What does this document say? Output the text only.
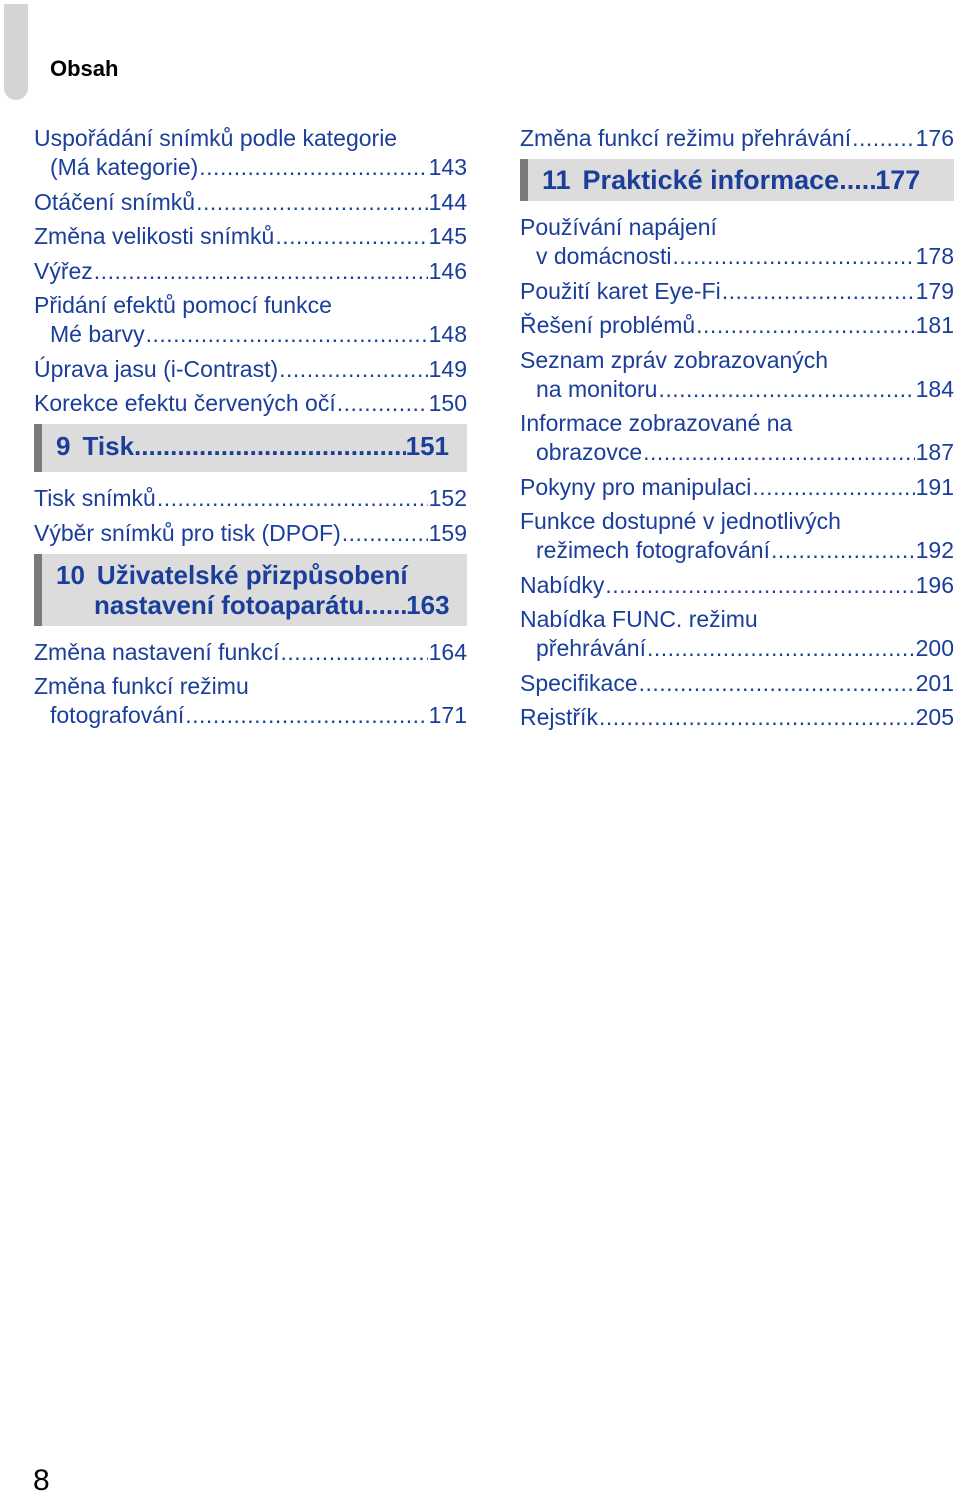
Obsah
Uspořádání snímků podle kategorie
(Má kategorie) .....	143
Otáčení snímků .....	144
Změna velikosti snímků .....	145
Výřez .....	146
Přidání efektů pomocí funkce
Mé barvy .....	148
Úprava jasu (i-Contrast) .....	149
Korekce efektu červených očí .....	150
9 Tisk .....	151
Tisk snímků .....	152
Výběr snímků pro tisk (DPOF) .....	159
10 Uživatelské přizpůsobení
nastavení fotoaparátu ..... 163
Změna nastavení funkcí .....	164
Změna funkcí režimu
fotografování .....	171
Změna funkcí režimu přehrávání .....	176
11 Praktické informace ..... 177
Používání napájení
v domácnosti .....	178
Použití karet Eye-Fi .....	179
Řešení problémů .....	181
Seznam zpráv zobrazovaných
na monitoru .....	184
Informace zobrazované na
obrazovce .....	187
Pokyny pro manipulaci .....	191
Funkce dostupné v jednotlivých
režimech fotografování .....	192
Nabídky .....	196
Nabídka FUNC. režimu
přehrávání .....	200
Specifikace .....	201
Rejstřík .....	205
8
